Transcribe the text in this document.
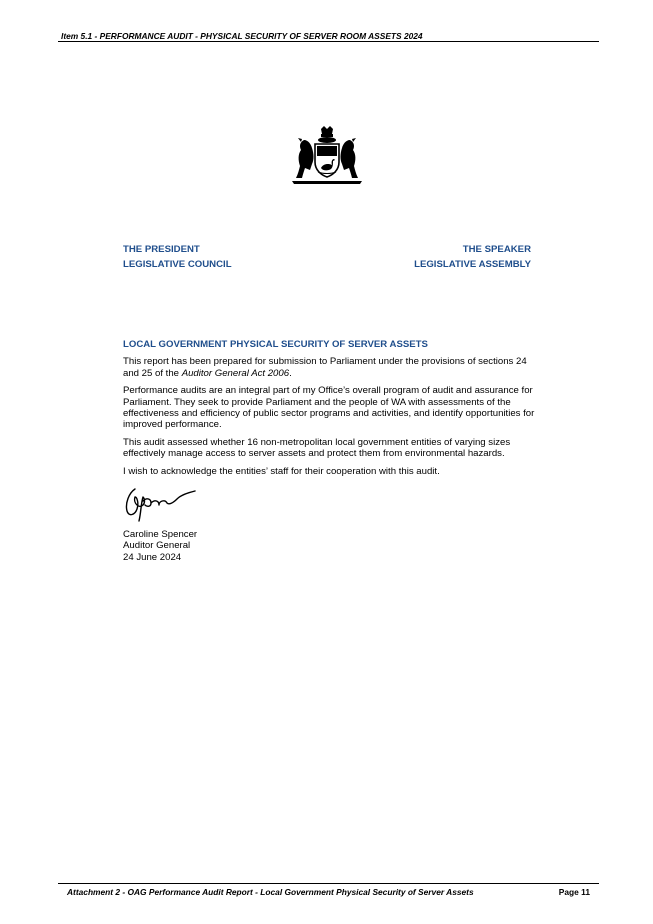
Item 5.1 - PERFORMANCE AUDIT - PHYSICAL SECURITY OF SERVER ROOM ASSETS 2024
THE PRESIDENT
LEGISLATIVE COUNCIL
THE SPEAKER
LEGISLATIVE ASSEMBLY
LOCAL GOVERNMENT PHYSICAL SECURITY OF SERVER ASSETS

This report has been prepared for submission to Parliament under the provisions of sections 24 and 25 of the Auditor General Act 2006.

Performance audits are an integral part of my Office’s overall program of audit and assurance for Parliament. They seek to provide Parliament and the people of WA with assessments of the effectiveness and efficiency of public sector programs and activities, and identify opportunities for improved performance.

This audit assessed whether 16 non-metropolitan local government entities of varying sizes effectively manage access to server assets and protect them from environmental hazards.

I wish to acknowledge the entities’ staff for their cooperation with this audit.

Caroline Spencer
Auditor General
24 June 2024
Attachment 2 - OAG Performance Audit Report - Local Government Physical Security of Server Assets	Page 11
